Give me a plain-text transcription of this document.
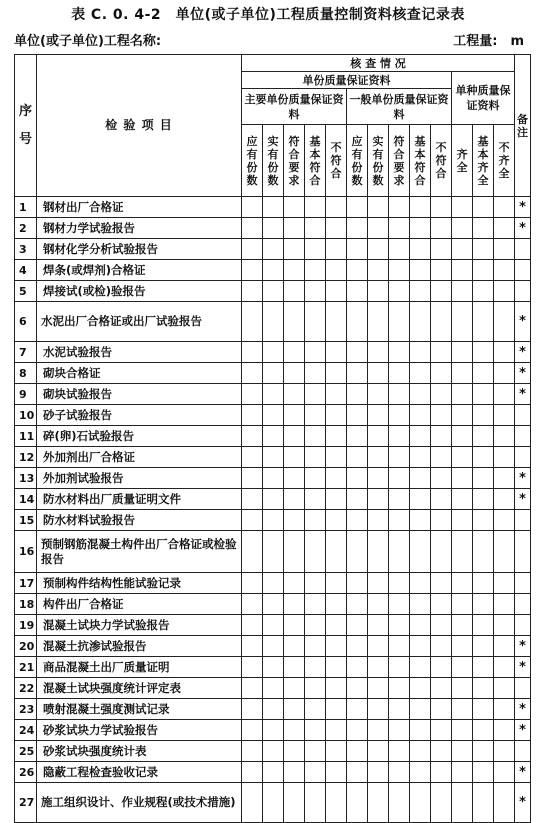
表 C. 0. 4-2　单位(或子单位)工程质量控制资料核查记录表
单位(或子单位)工程名称:	工程量:　m
序号	检 验 项 目	核 查 情 况													备注
		单份质量保证资料										单种质量保证资料			
		主要单份质量保证资料					一般单份质量保证资料								
		应有份数	实有份数	符合要求	基本符合	不符合	应有份数	实有份数	符合要求	基本符合	不符合	齐全	基本齐全	不齐全	
1	钢材出厂合格证														*
2	钢材力学试验报告														*
3	钢材化学分析试验报告														
4	焊条(或焊剂)合格证														
5	焊接试(或检)验报告														
6	水泥出厂合格证或出厂试验报告														*
7	水泥试验报告														*
8	砌块合格证														*
9	砌块试验报告														*
10	砂子试验报告														
11	碎(卵)石试验报告														
12	外加剂出厂合格证														
13	外加剂试验报告														*
14	防水材料出厂质量证明文件														*
15	防水材料试验报告														
16	预制钢筋混凝土构件出厂合格证或检验报告														
17	预制构件结构性能试验记录														
18	构件出厂合格证														
19	混凝土试块力学试验报告														
20	混凝土抗渗试验报告														*
21	商品混凝土出厂质量证明														*
22	混凝土试块强度统计评定表														
23	喷射混凝土强度测试记录														*
24	砂浆试块力学试验报告														*
25	砂浆试块强度统计表														
26	隐蔽工程检查验收记录														*
27	施工组织设计、作业规程(或技术措施)														*
